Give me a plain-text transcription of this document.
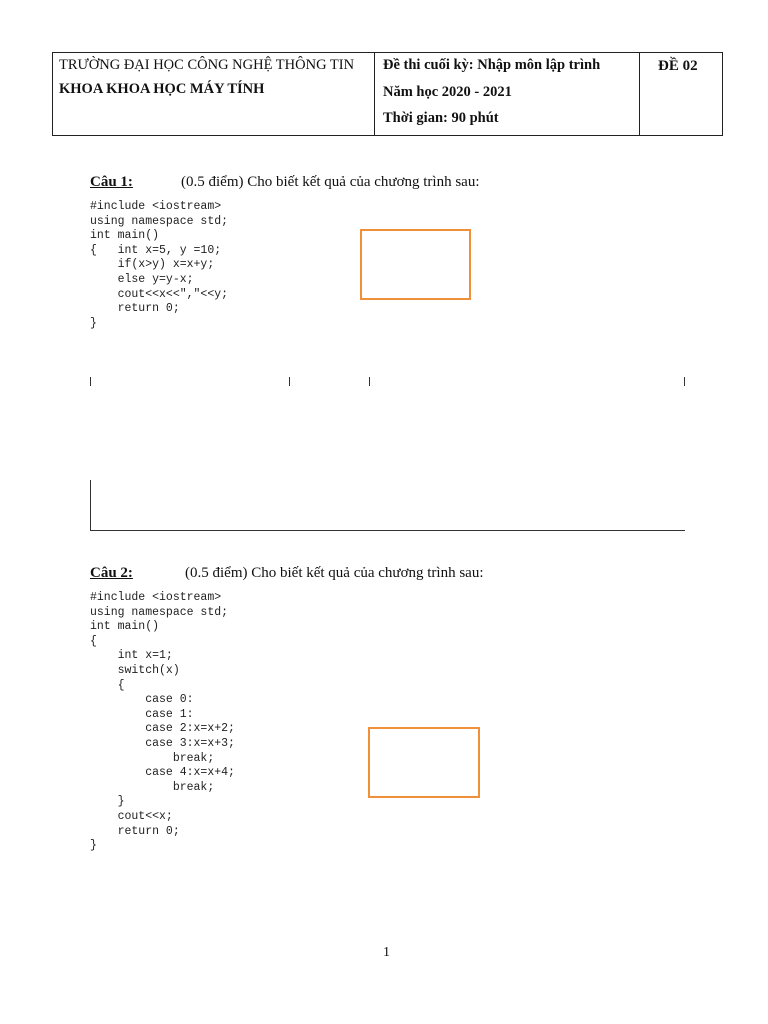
TRƯỜNG ĐẠI HỌC CÔNG NGHỆ THÔNG TIN
KHOA KHOA HỌC MÁY TÍNH
Đề thi cuối kỳ: Nhập môn lập trình
Năm học 2020 - 2021
Thời gian: 90 phút
ĐỀ 02
Câu 1:	(0.5 điểm) Cho biết kết quả của chương trình sau:
#include <iostream>
using namespace std;
int main()
{   int x=5, y =10;
if(x>y) x=x+y;
else y=y-x;
cout<<x<<","<<y;
return 0;
}
Câu 2:	(0.5 điểm) Cho biết kết quả của chương trình sau:
#include <iostream>
using namespace std;
int main()
{
int x=1;
switch(x)
{
case 0:
case 1:
case 2:x=x+2;
case 3:x=x+3;
break;
case 4:x=x+4;
break;
}
cout<<x;
return 0;
}
1
